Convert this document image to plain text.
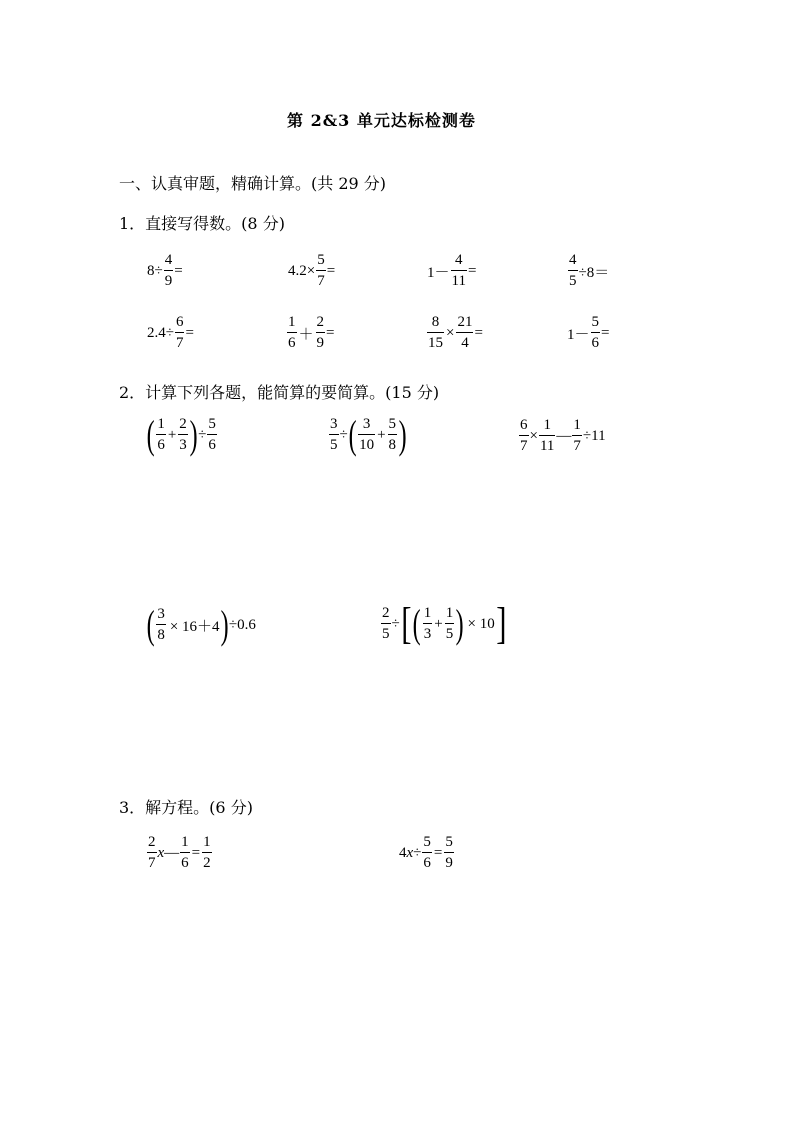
第 2&3 单元达标检测卷
一、认真审题，精确计算。(共 29 分)
1．直接写得数。(8 分)
$8\div \frac{4}{9}$ =	$4.2\times \frac{5}{7}$ =	$1- \frac{4}{11}$ =	$\frac{4}{5} \div 8=$
$2.4\div \frac{6}{7}$ =	$\frac{1}{6} + \frac{2}{9}$ =	$\frac{8}{15} \times \frac{21}{4}$ =	$1- \frac{5}{6}$ =
2．计算下列各题，能简算的要简算。(15 分)
( $\frac{1}{6} + \frac{2}{3}$ ) ÷ $\frac{5}{6}$	$\frac{3}{5}$ ÷ ( $\frac{3}{10} + \frac{5}{8}$ )	$\frac{6}{7} \times \frac{1}{11}$ — $\frac{1}{7} \div 11$
( $\frac{3}{8} \times 16+4$ ) ÷0.6	$\frac{2}{5}$ ÷ [ ( $\frac{1}{3} + \frac{1}{5}$ ) × 10 ]
3．解方程。(6 分)
$\frac{2}{7}$ x — $\frac{1}{6} = \frac{1}{2}$	4 $x \div \frac{5}{6} = \frac{5}{9}$
